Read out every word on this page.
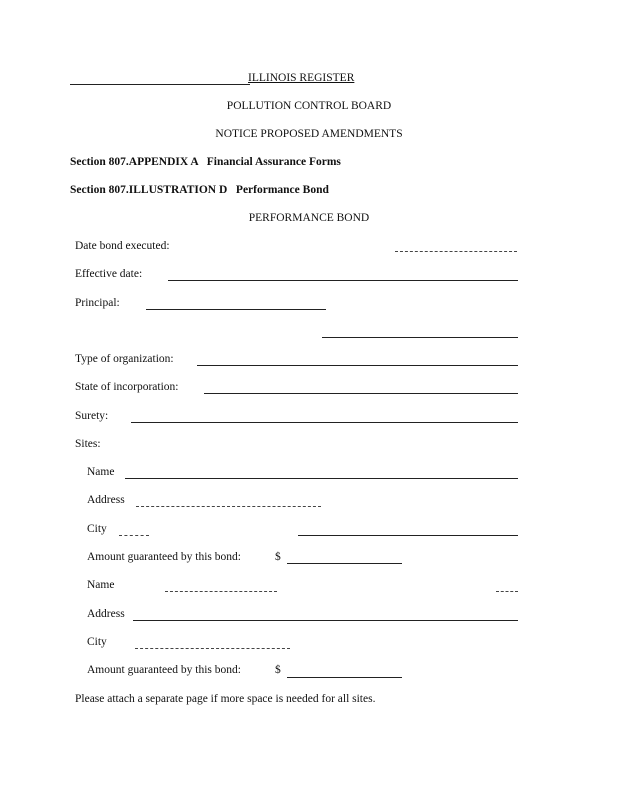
ILLINOIS REGISTER
POLLUTION CONTROL BOARD
NOTICE PROPOSED AMENDMENTS
Section 807.APPENDIX A   Financial Assurance Forms
Section 807.ILLUSTRATION D   Performance Bond
PERFORMANCE BOND
Date bond executed:
Effective date:
Principal:
Type of organization:
State of incorporation:
Surety:
Sites:
Name
Address
City
Amount guaranteed by this bond:	$
Name
Address
City
Amount guaranteed by this bond:	$
Please attach a separate page if more space is needed for all sites.
